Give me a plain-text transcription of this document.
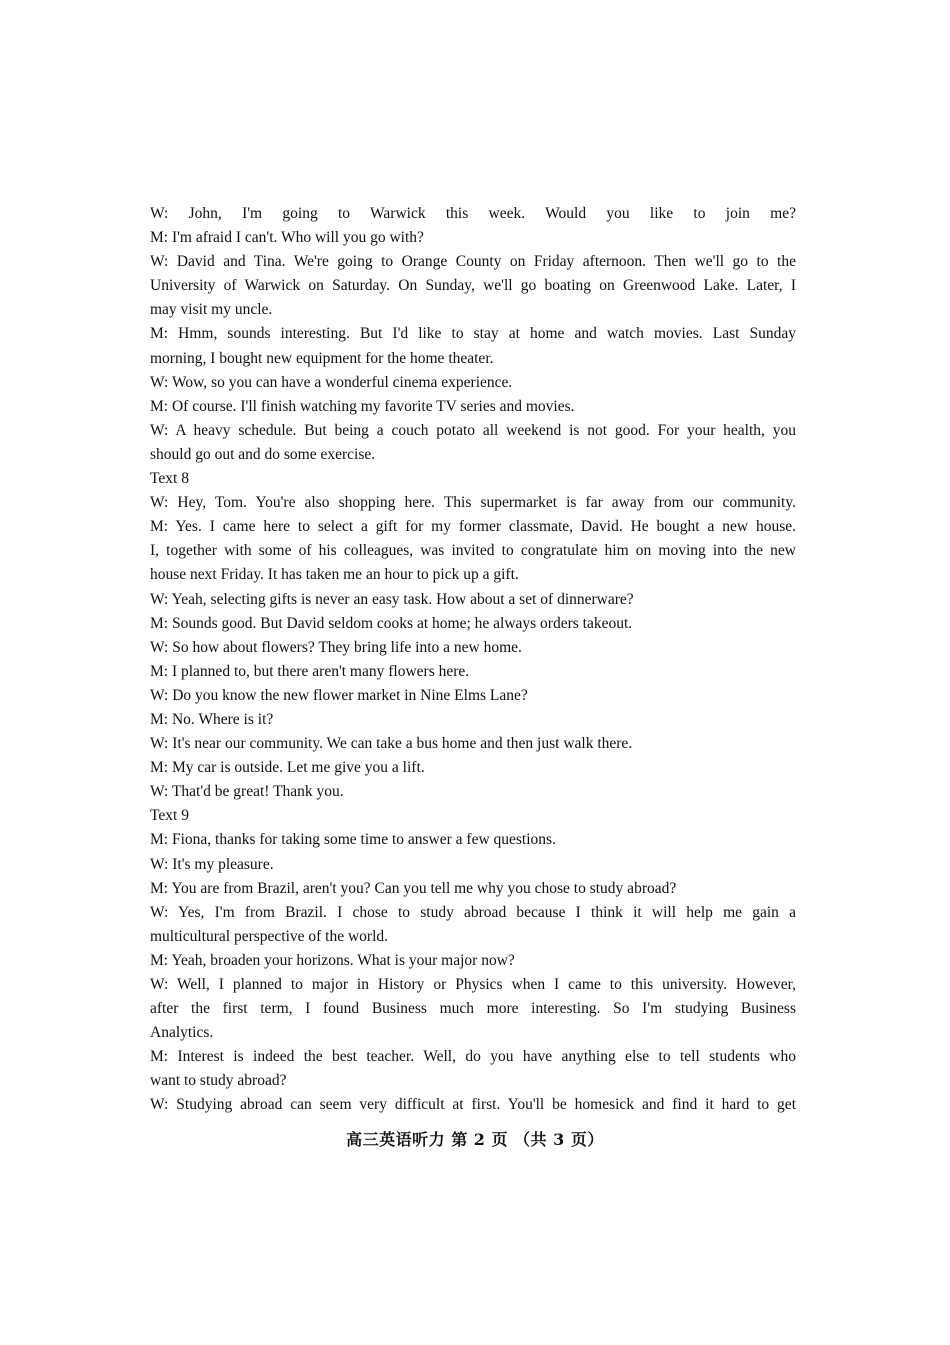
W: John, I'm going to Warwick this week. Would you like to join me?
M: I'm afraid I can't. Who will you go with?
W: David and Tina. We're going to Orange County on Friday afternoon. Then we'll go to the
University of Warwick on Saturday. On Sunday, we'll go boating on Greenwood Lake. Later, I
may visit my uncle.
M: Hmm, sounds interesting. But I'd like to stay at home and watch movies. Last Sunday
morning, I bought new equipment for the home theater.
W: Wow, so you can have a wonderful cinema experience.
M: Of course. I'll finish watching my favorite TV series and movies.
W: A heavy schedule. But being a couch potato all weekend is not good. For your health, you
should go out and do some exercise.
Text 8
W: Hey, Tom. You're also shopping here. This supermarket is far away from our community.
M: Yes. I came here to select a gift for my former classmate, David. He bought a new house.
I, together with some of his colleagues, was invited to congratulate him on moving into the new
house next Friday. It has taken me an hour to pick up a gift.
W: Yeah, selecting gifts is never an easy task. How about a set of dinnerware?
M: Sounds good. But David seldom cooks at home; he always orders takeout.
W: So how about flowers? They bring life into a new home.
M: I planned to, but there aren't many flowers here.
W: Do you know the new flower market in Nine Elms Lane?
M: No. Where is it?
W: It's near our community. We can take a bus home and then just walk there.
M: My car is outside. Let me give you a lift.
W: That'd be great! Thank you.
Text 9
M: Fiona, thanks for taking some time to answer a few questions.
W: It's my pleasure.
M: You are from Brazil, aren't you? Can you tell me why you chose to study abroad?
W: Yes, I'm from Brazil. I chose to study abroad because I think it will help me gain a
multicultural perspective of the world.
M: Yeah, broaden your horizons. What is your major now?
W: Well, I planned to major in History or Physics when I came to this university. However,
after the first term, I found Business much more interesting. So I'm studying Business
Analytics.
M: Interest is indeed the best teacher. Well, do you have anything else to tell students who
want to study abroad?
W: Studying abroad can seem very difficult at first. You'll be homesick and find it hard to get
高三英语听力 第 2 页 （共 3 页）
